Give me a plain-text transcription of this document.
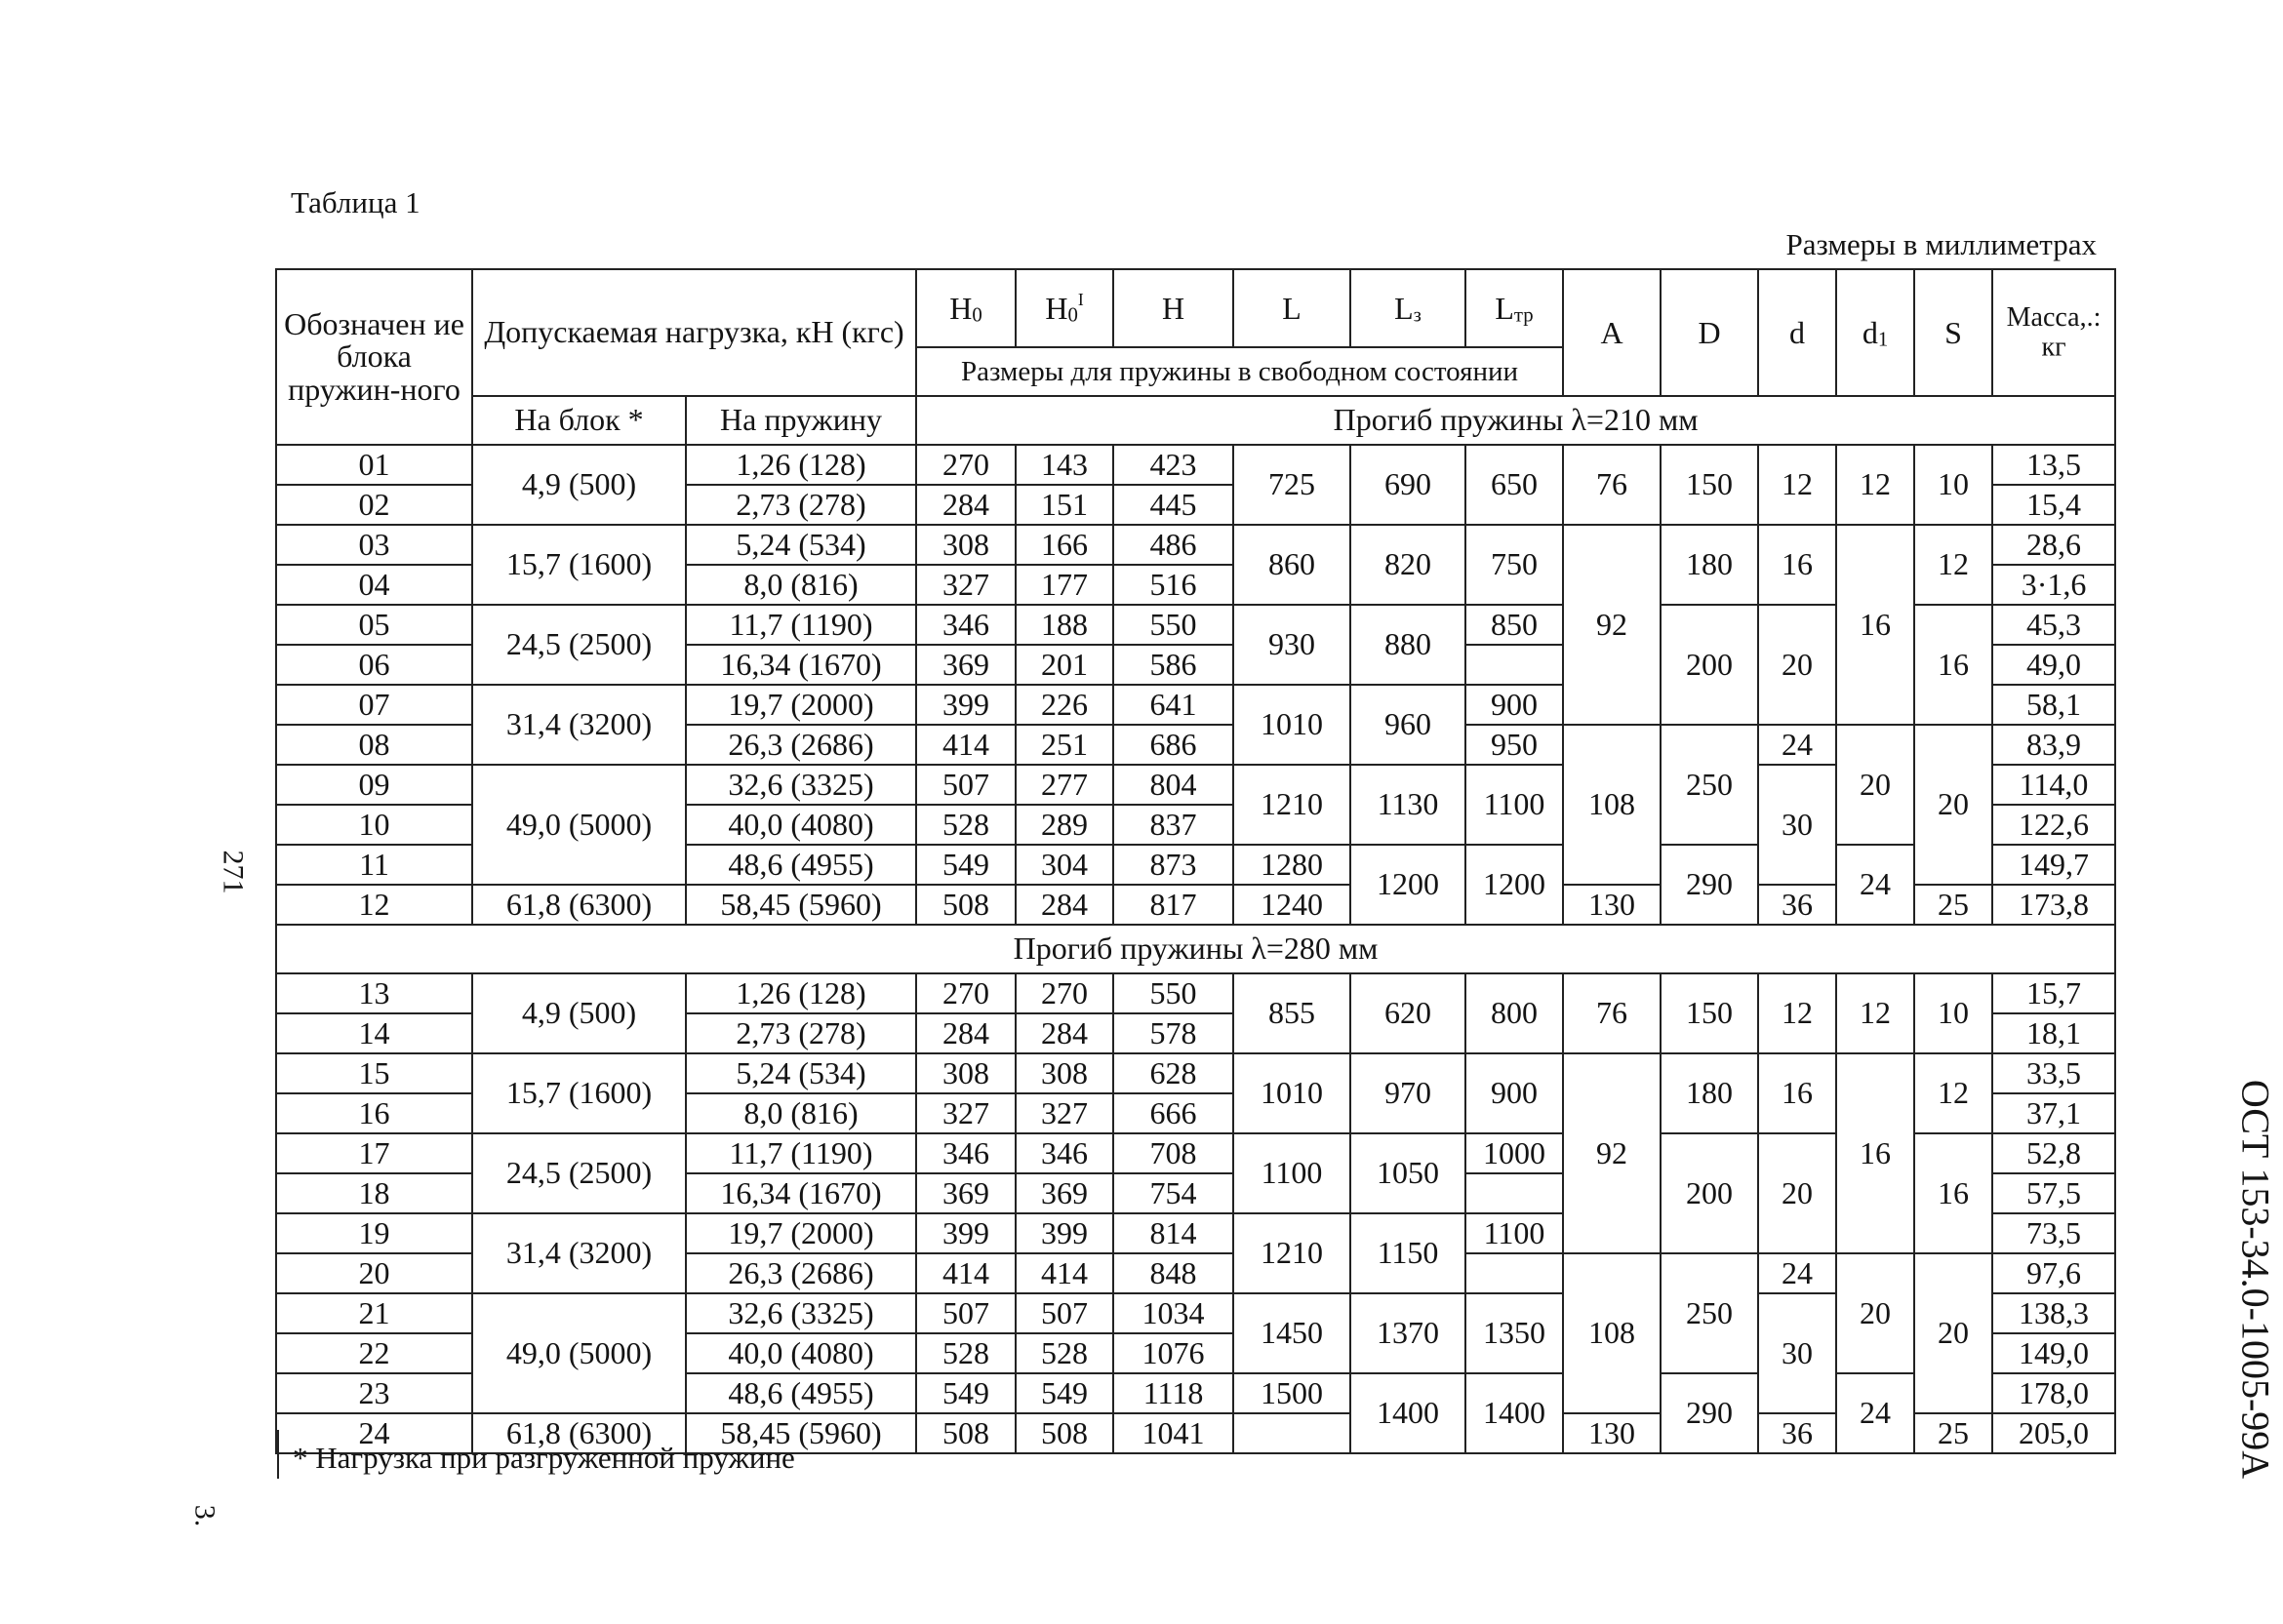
Таблица 1
Размеры в миллиметрах
Обозначен ие блока пружин-ного	Допускаемая нагрузка, кН (кгс)		H0	$H0^I$	H	L	Lз	Lтр	A	D	d	d1	S	Масса,.: кг
			Размеры для пружины в свободном состоянии											
	На блок *	На пружину	Прогиб пружины λ=210 мм											
01	4,9 (500)	1,26 (128)	270	143	423	725	690	650	76	150	12	12	10	13,5
02		2,73 (278)	284	151	445									15,4
03	15,7 (1600)	5,24 (534)	308	166	486	860	820	750	92	180	16	16	12	28,6
04		8,0 (816)	327	177	516									3·1,6
05	24,5 (2500)	11,7 (1190)	346	188	550	930	880	850		200	20		16	45,3
06		16,34 (1670)	369	201	586									49,0
07	31,4 (3200)	19,7 (2000)	399	226	641	1010	960	900						58,1
08		26,3 (2686)	414	251	686			950	108	250	24	20	20	83,9
09	49,0 (5000)	32,6 (3325)	507	277	804	1210	1130	1100			30			114,0
10		40,0 (4080)	528	289	837									122,6
11		48,6 (4955)	549	304	873	1280	1200	1200		290		24		149,7
12	61,8 (6300)	58,45 (5960)	508	284	817	1240			130		36		25	173,8
Прогиб пружины λ=280 мм														
13	4,9 (500)	1,26 (128)	270	270	550	855	620	800	76	150	12	12	10	15,7
14		2,73 (278)	284	284	578									18,1
15	15,7 (1600)	5,24 (534)	308	308	628	1010	970	900	92	180	16	16	12	33,5
16		8,0 (816)	327	327	666									37,1
17	24,5 (2500)	11,7 (1190)	346	346	708	1100	1050	1000		200	20		16	52,8
18		16,34 (1670)	369	369	754									57,5
19	31,4 (3200)	19,7 (2000)	399	399	814	1210	1150	1100						73,5
20		26,3 (2686)	414	414	848				108	250	24	20	20	97,6
21	49,0 (5000)	32,6 (3325)	507	507	1034	1450	1370	1350			30			138,3
22		40,0 (4080)	528	528	1076									149,0
23		48,6 (4955)	549	549	1118	1500	1400	1400		290		24		178,0
24	61,8 (6300)	58,45 (5960)	508	508	1041				130		36		25	205,0
* Нагрузка при разгруженной пружине
271
ОСТ 153-34.0-1005-99А
3.
